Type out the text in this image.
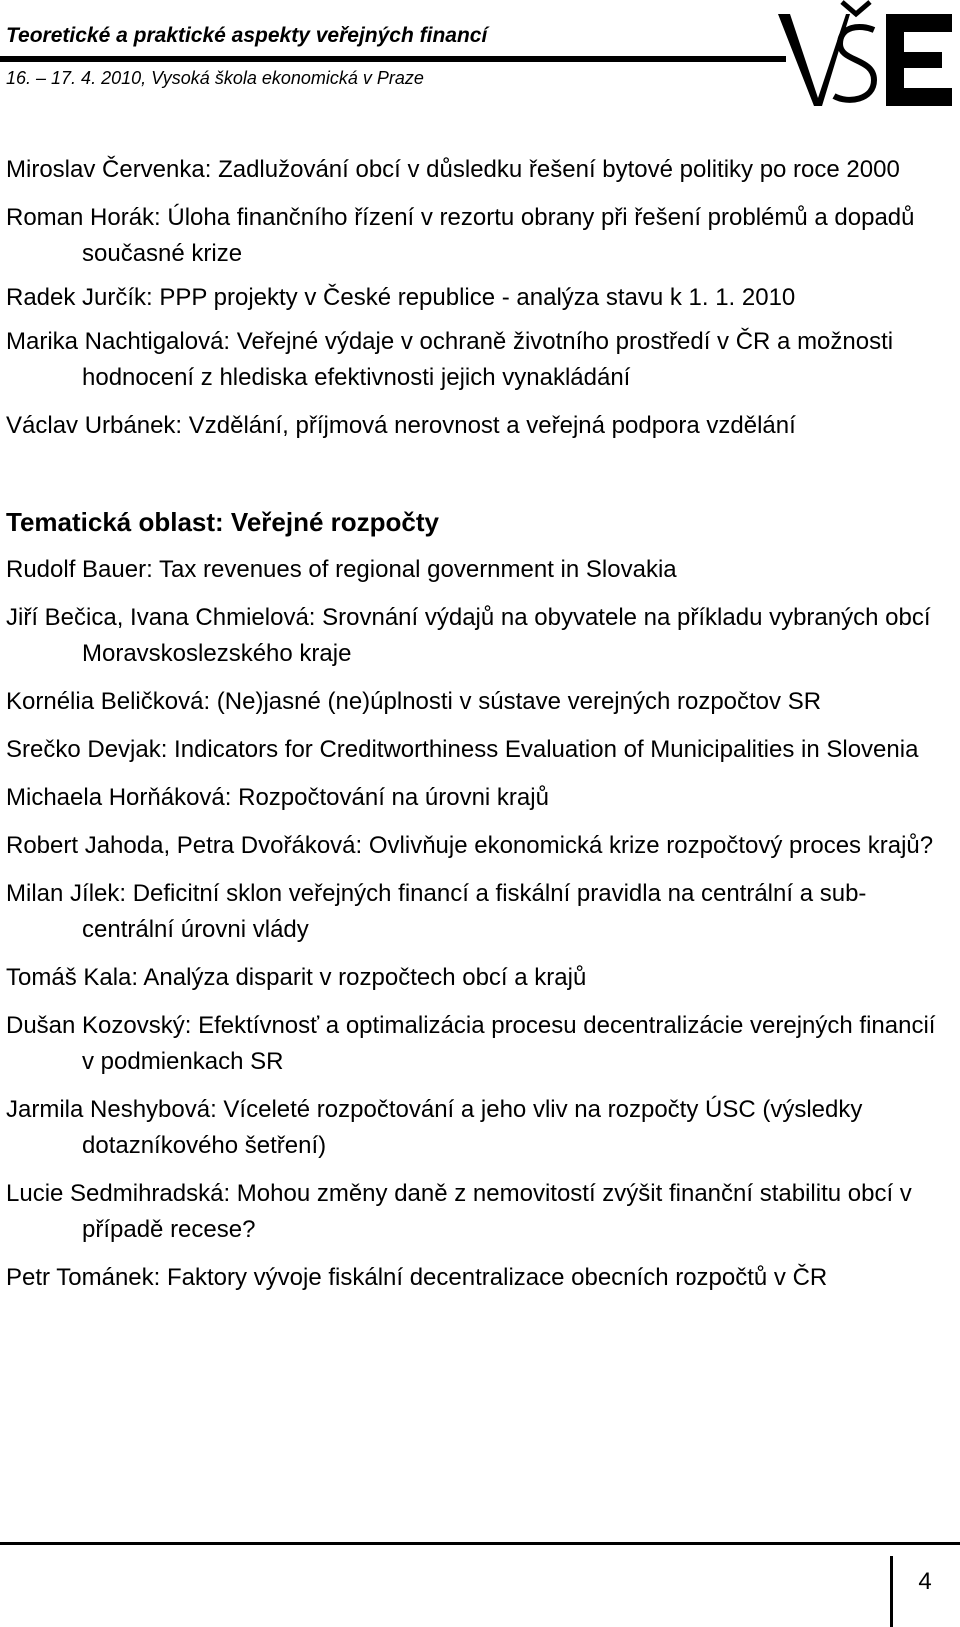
Teoretické a praktické aspekty veřejných financí
16. – 17. 4. 2010, Vysoká škola ekonomická v Praze

Miroslav Červenka: Zadlužování obcí v důsledku řešení bytové politiky po roce 2000

Roman Horák: Úloha finančního řízení v rezortu obrany při řešení problémů a dopadů současné krize

Radek Jurčík: PPP projekty v České republice - analýza stavu k 1. 1. 2010

Marika Nachtigalová: Veřejné výdaje v ochraně životního prostředí v ČR a možnosti hodnocení z hlediska efektivnosti jejich vynakládání

Václav Urbánek: Vzdělání, příjmová nerovnost a veřejná podpora vzdělání

Tematická oblast: Veřejné rozpočty

Rudolf Bauer: Tax revenues of regional government in Slovakia

Jiří Bečica, Ivana Chmielová: Srovnání výdajů na obyvatele na příkladu vybraných obcí Moravskoslezského kraje

Kornélia Beličková: (Ne)jasné (ne)úplnosti v sústave verejných rozpočtov SR

Srečko Devjak: Indicators for Creditworthiness Evaluation of Municipalities in Slovenia

Michaela Horňáková: Rozpočtování na úrovni krajů

Robert Jahoda, Petra Dvořáková: Ovlivňuje ekonomická krize rozpočtový proces krajů?

Milan Jílek: Deficitní sklon veřejných financí a fiskální pravidla na centrální a sub-centrální úrovni vlády

Tomáš Kala: Analýza disparit v rozpočtech obcí a krajů

Dušan Kozovský: Efektívnosť a optimalizácia procesu decentralizácie verejných financií v podmienkach SR

Jarmila Neshybová: Víceleté rozpočtování a jeho vliv na rozpočty ÚSC (výsledky dotazníkového šetření)

Lucie Sedmihradská: Mohou změny daně z nemovitostí zvýšit finanční stabilitu obcí v případě recese?

Petr Tománek: Faktory vývoje fiskální decentralizace obecních rozpočtů v ČR

4
